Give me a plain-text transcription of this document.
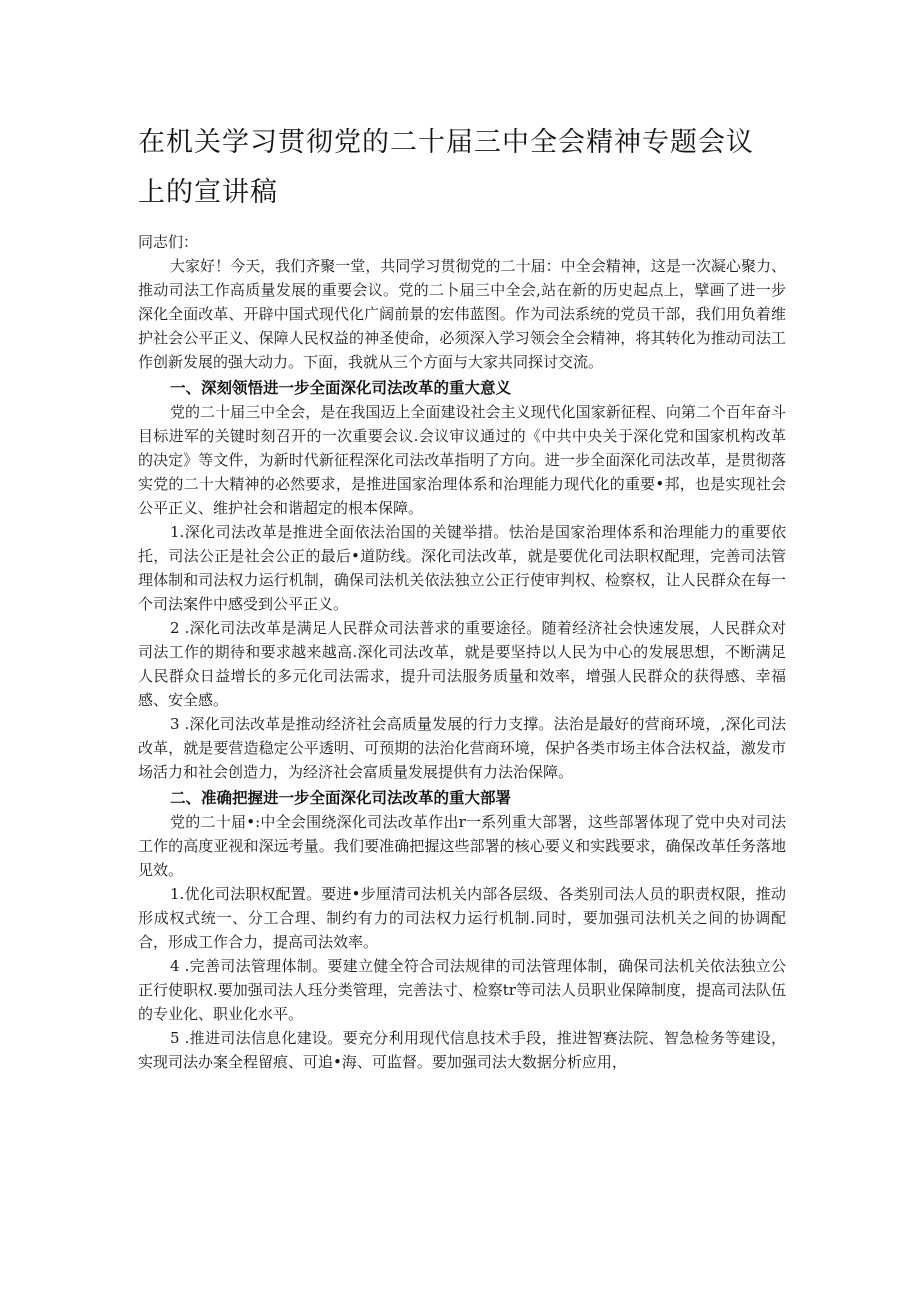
在机关学习贯彻党的二十届三中全会精神专题会议上的宣讲稿

同志们：

大家好！今天，我们齐聚一堂，共同学习贯彻党的二十届：中全会精神，这是一次凝心聚力、推动司法工作高质量发展的重要会议。党的二卜届三中全会,站在新的历史起点上，擘画了进一步深化全面改革、开辟中国式现代化广阔前景的宏伟蓝图。作为司法系统的党员干部，我们用负着维护社会公平正义、保障人民权益的神圣使命，必须深入学习领会全会精神，将其转化为推动司法工作创新发展的强大动力。下面，我就从三个方面与大家共同探讨交流。

一、深刻领悟进一步全面深化司法改革的重大意义

党的二十届三中全会，是在我国迈上全面建设社会主义现代化国家新征程、向第二个百年奋斗目标进军的关键时刻召开的一次重要会议.会议审议通过的《中共中央关于深化党和国家机构改革的决定》等文件，为新时代新征程深化司法改革指明了方向。进一步全面深化司法改革，是贯彻落实党的二十大精神的必然要求，是推进国家治理体系和治理能力现代化的重要•邦，也是实现社会公平正义、维护社会和谐超定的根本保障。

1.深化司法改革是推进全面依法治国的关键举措。怯治是国家治理体系和治理能力的重要依托，司法公正是社会公正的最后•道防线。深化司法改革，就是要优化司法职权配理，完善司法管理体制和司法权力运行机制，确保司法机关依法独立公正行使审判权、检察权，让人民群众在每一个司法案件中感受到公平正义。

2 .深化司法改革是满足人民群众司法普求的重要途径。随着经济社会快速发展，人民群众对司法工作的期待和要求越来越高.深化司法改革，就是要坚持以人民为中心的发展思想，不断满足人民群众日益增长的多元化司法需求，提升司法服务质量和效率，增强人民群众的获得感、幸福感、安全感。

3 .深化司法改革是推动经济社会高质量发展的行力支撑。法治是最好的营商环境，,深化司法改革，就是要营造稳定公平透明、可预期的法治化营商环境，保护各类市场主体合法权益，激发市场活力和社会创造力，为经济社会富质量发展提供有力法治保障。

二、准确把握进一步全面深化司法改革的重大部署

党的二十届•:中全会围绕深化司法改革作出r一系列重大部署，这些部署体现了党中央对司法工作的高度亚视和深远考量。我们要准确把握这些部署的核心要义和实践要求，确保改革任务落地见效。

1.优化司法职权配置。要进•步厘清司法机关内部各层级、各类别司法人员的职责权限，推动形成权式统一、分工合理、制约有力的司法权力运行机制.同时，要加强司法机关之间的协调配合，形成工作合力，提高司法效率。

4 .完善司法管理体制。要建立健全符合司法规律的司法管理体制，确保司法机关依法独立公正行使职权.要加强司法人珏分类管理，完善法寸、检察tr等司法人员职业保障制度，提高司法队伍的专业化、职业化水平。

5 .推进司法信息化建设。要充分利用现代信息技术手段，推进智赛法院、智急检务等建设，实现司法办案全程留痕、可追•海、可监督。要加强司法大数据分析应用，
